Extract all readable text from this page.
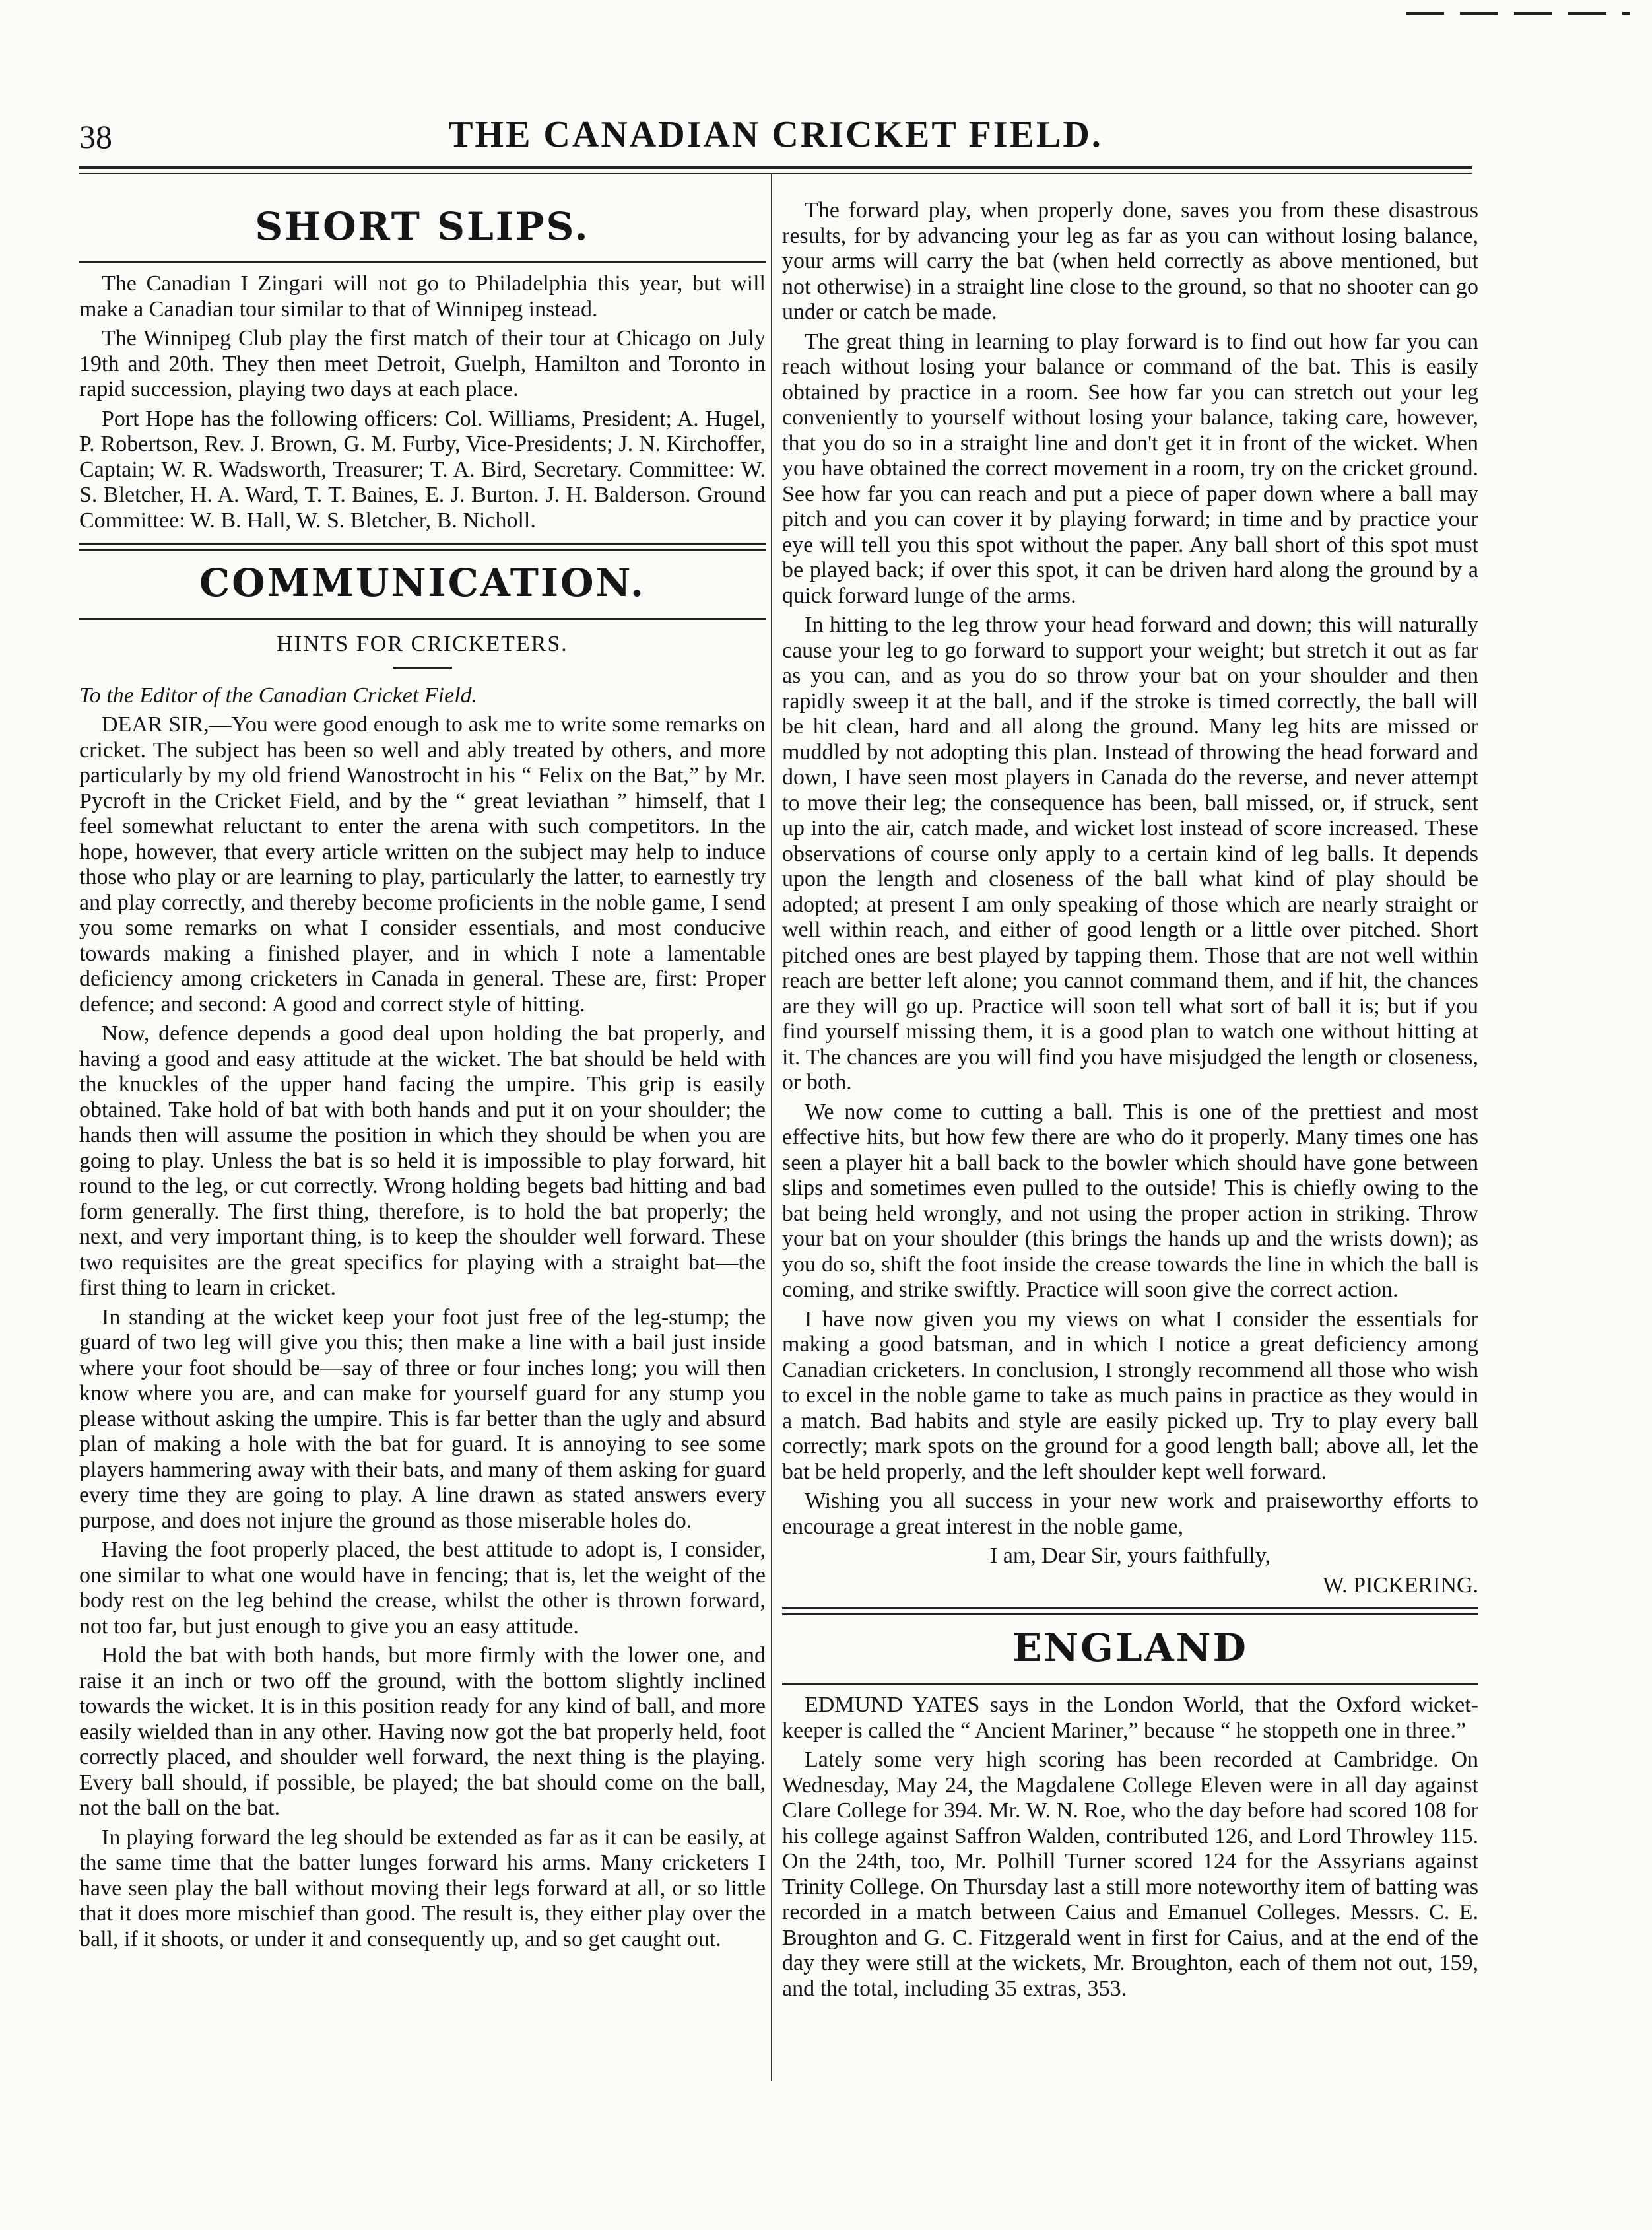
38	THE CANADIAN CRICKET FIELD.
SHORT SLIPS.

The Canadian I Zingari will not go to Philadelphia this year, but will make a Canadian tour similar to that of Winnipeg instead.

The Winnipeg Club play the first match of their tour at Chicago on July 19th and 20th. They then meet Detroit, Guelph, Hamilton and Toronto in rapid succession, playing two days at each place.

Port Hope has the following officers: Col. Williams, President; A. Hugel, P. Robertson, Rev. J. Brown, G. M. Furby, Vice-Presidents; J. N. Kirchoffer, Captain; W. R. Wadsworth, Treasurer; T. A. Bird, Secretary. Committee: W. S. Bletcher, H. A. Ward, T. T. Baines, E. J. Burton. J. H. Balderson. Ground Committee: W. B. Hall, W. S. Bletcher, B. Nicholl.

COMMUNICATION.
HINTS FOR CRICKETERS.

To the Editor of the Canadian Cricket Field.

DEAR SIR,—You were good enough to ask me to write some remarks on cricket. The subject has been so well and ably treated by others, and more particularly by my old friend Wanostrocht in his “ Felix on the Bat,” by Mr. Pycroft in the Cricket Field, and by the “ great leviathan ” himself, that I feel somewhat reluctant to enter the arena with such competitors. In the hope, however, that every article written on the subject may help to induce those who play or are learning to play, particularly the latter, to earnestly try and play correctly, and thereby become proficients in the noble game, I send you some remarks on what I consider essentials, and most conducive towards making a finished player, and in which I note a lamentable deficiency among cricketers in Canada in general. These are, first: Proper defence; and second: A good and correct style of hitting.

Now, defence depends a good deal upon holding the bat properly, and having a good and easy attitude at the wicket. The bat should be held with the knuckles of the upper hand facing the umpire. This grip is easily obtained. Take hold of bat with both hands and put it on your shoulder; the hands then will assume the position in which they should be when you are going to play. Unless the bat is so held it is impossible to play forward, hit round to the leg, or cut correctly. Wrong holding begets bad hitting and bad form generally. The first thing, therefore, is to hold the bat properly; the next, and very important thing, is to keep the shoulder well forward. These two requisites are the great specifics for playing with a straight bat—the first thing to learn in cricket.

In standing at the wicket keep your foot just free of the leg-stump; the guard of two leg will give you this; then make a line with a bail just inside where your foot should be—say of three or four inches long; you will then know where you are, and can make for yourself guard for any stump you please without asking the umpire. This is far better than the ugly and absurd plan of making a hole with the bat for guard. It is annoying to see some players hammering away with their bats, and many of them asking for guard every time they are going to play. A line drawn as stated answers every purpose, and does not injure the ground as those miserable holes do.

Having the foot properly placed, the best attitude to adopt is, I consider, one similar to what one would have in fencing; that is, let the weight of the body rest on the leg behind the crease, whilst the other is thrown forward, not too far, but just enough to give you an easy attitude.

Hold the bat with both hands, but more firmly with the lower one, and raise it an inch or two off the ground, with the bottom slightly inclined towards the wicket. It is in this position ready for any kind of ball, and more easily wielded than in any other. Having now got the bat properly held, foot correctly placed, and shoulder well forward, the next thing is the playing. Every ball should, if possible, be played; the bat should come on the ball, not the ball on the bat.

In playing forward the leg should be extended as far as it can be easily, at the same time that the batter lunges forward his arms. Many cricketers I have seen play the ball without moving their legs forward at all, or so little that it does more mischief than good. The result is, they either play over the ball, if it shoots, or under it and consequently up, and so get caught out.

The forward play, when properly done, saves you from these disastrous results, for by advancing your leg as far as you can without losing balance, your arms will carry the bat (when held correctly as above mentioned, but not otherwise) in a straight line close to the ground, so that no shooter can go under or catch be made.

The great thing in learning to play forward is to find out how far you can reach without losing your balance or command of the bat. This is easily obtained by practice in a room. See how far you can stretch out your leg conveniently to yourself without losing your balance, taking care, however, that you do so in a straight line and don't get it in front of the wicket. When you have obtained the correct movement in a room, try on the cricket ground. See how far you can reach and put a piece of paper down where a ball may pitch and you can cover it by playing forward; in time and by practice your eye will tell you this spot without the paper. Any ball short of this spot must be played back; if over this spot, it can be driven hard along the ground by a quick forward lunge of the arms.

In hitting to the leg throw your head forward and down; this will naturally cause your leg to go forward to support your weight; but stretch it out as far as you can, and as you do so throw your bat on your shoulder and then rapidly sweep it at the ball, and if the stroke is timed correctly, the ball will be hit clean, hard and all along the ground. Many leg hits are missed or muddled by not adopting this plan. Instead of throwing the head forward and down, I have seen most players in Canada do the reverse, and never attempt to move their leg; the consequence has been, ball missed, or, if struck, sent up into the air, catch made, and wicket lost instead of score increased. These observations of course only apply to a certain kind of leg balls. It depends upon the length and closeness of the ball what kind of play should be adopted; at present I am only speaking of those which are nearly straight or well within reach, and either of good length or a little over pitched. Short pitched ones are best played by tapping them. Those that are not well within reach are better left alone; you cannot command them, and if hit, the chances are they will go up. Practice will soon tell what sort of ball it is; but if you find yourself missing them, it is a good plan to watch one without hitting at it. The chances are you will find you have misjudged the length or closeness, or both.

We now come to cutting a ball. This is one of the prettiest and most effective hits, but how few there are who do it properly. Many times one has seen a player hit a ball back to the bowler which should have gone between slips and sometimes even pulled to the outside! This is chiefly owing to the bat being held wrongly, and not using the proper action in striking. Throw your bat on your shoulder (this brings the hands up and the wrists down); as you do so, shift the foot inside the crease towards the line in which the ball is coming, and strike swiftly. Practice will soon give the correct action.

I have now given you my views on what I consider the essentials for making a good batsman, and in which I notice a great deficiency among Canadian cricketers. In conclusion, I strongly recommend all those who wish to excel in the noble game to take as much pains in practice as they would in a match. Bad habits and style are easily picked up. Try to play every ball correctly; mark spots on the ground for a good length ball; above all, let the bat be held properly, and the left shoulder kept well forward.

Wishing you all success in your new work and praiseworthy efforts to encourage a great interest in the noble game,

I am, Dear Sir, yours faithfully,

W. PICKERING.

ENGLAND

EDMUND YATES says in the London World, that the Oxford wicket-keeper is called the “ Ancient Mariner,” because “ he stoppeth one in three.”

Lately some very high scoring has been recorded at Cambridge. On Wednesday, May 24, the Magdalene College Eleven were in all day against Clare College for 394. Mr. W. N. Roe, who the day before had scored 108 for his college against Saffron Walden, contributed 126, and Lord Throwley 115. On the 24th, too, Mr. Polhill Turner scored 124 for the Assyrians against Trinity College. On Thursday last a still more noteworthy item of batting was recorded in a match between Caius and Emanuel Colleges. Messrs. C. E. Broughton and G. C. Fitzgerald went in first for Caius, and at the end of the day they were still at the wickets, Mr. Broughton, each of them not out, 159, and the total, including 35 extras, 353.
